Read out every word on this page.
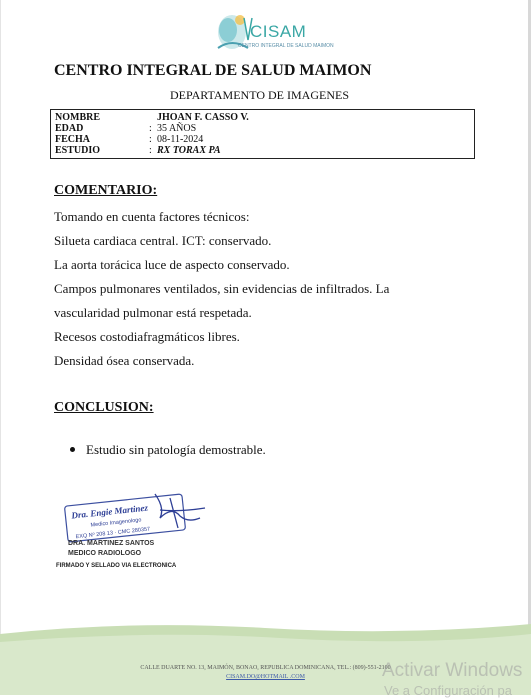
CISAM
CENTRO INTEGRAL DE SALUD MAIMON
CENTRO INTEGRAL DE SALUD MAIMON
DEPARTAMENTO DE IMAGENES
NOMBRE	JHOAN F. CASSO V.
EDAD	: 35 AÑOS
FECHA	: 08-11-2024
ESTUDIO	: RX TORAX PA
COMENTARIO:
Tomando en cuenta factores técnicos:
Silueta cardiaca central. ICT: conservado.
La aorta torácica luce de aspecto conservado.
Campos pulmonares ventilados, sin evidencias de infiltrados. La
vascularidad pulmonar está respetada.
Recesos costodiafragmáticos libres.
Densidad ósea conservada.
CONCLUSION:
Estudio sin patología demostrable.
Dra. Engie Martinez
Medico Imagenologo
EXQ Nº 208 13 · CMC 280357
DRA. MARTINEZ SANTOS
MEDICO RADIOLOGO
FIRMADO Y SELLADO VIA ELECTRONICA
CALLE DUARTE NO. 13, MAIMÓN, BONAO, REPUBLICA DOMINICANA, TEL.: (809)-551-2100
CISAM.DO@HOTMAIL .COM	Activar Windows
Ve a Configuración pa
